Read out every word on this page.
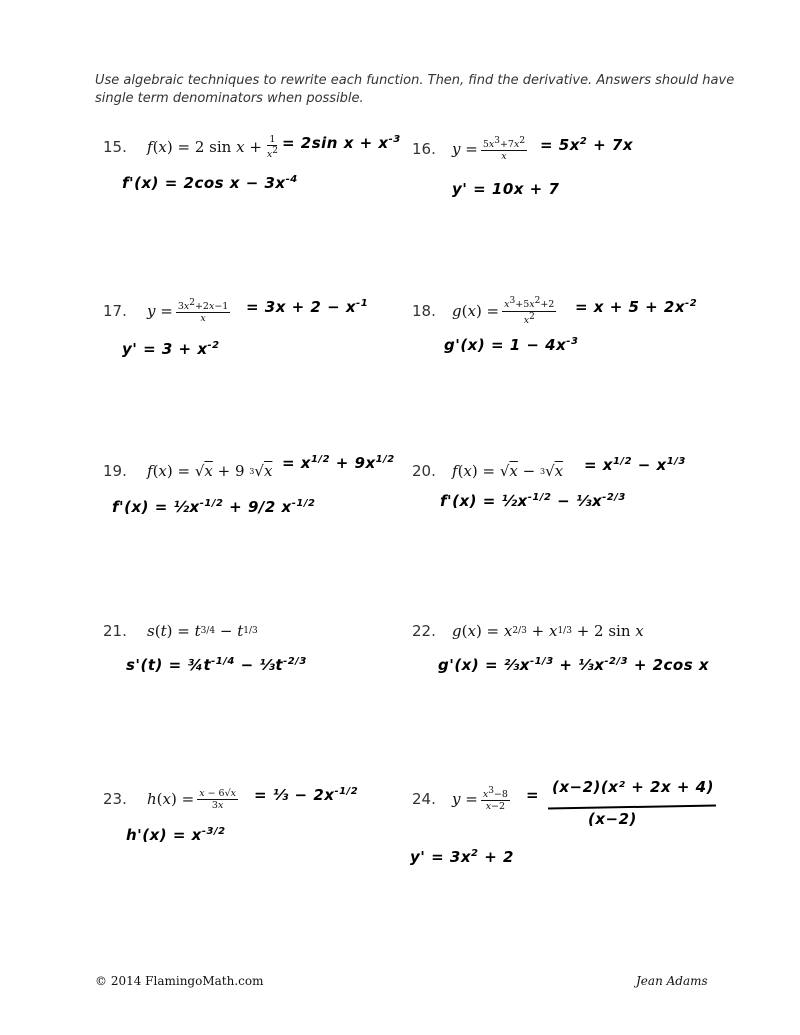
Use algebraic techniques to rewrite each function. Then, find the derivative. Answers should have single term denominators when possible.
15. f ( x ) = 2 $\sin x + \frac{1}{x^2} = 2\sin$ $x + x^{-3}$
f'(x) = 2cos $x - 3x^{-4}$
16. $y = \frac{5x^3+7x^2}{x} = 5x^2 + 7x$
y' = 10x + 7
17. $y = \frac{3x^2+2x-1}{x} = 3x + 2 - x^{-1}$
$y' = 3 + x^{-2}$
18. g ( x ) = $\frac{x^3+5x^2+2}{x^2} = x + 5 + 2x^{-2}$
$g'(x) = 1 - 4x^{-3}$
19. f ( x ) = √ x + 9 3 √ $x = x^{1/2} + 9x^{1/2}$
$f'(x) = \frac{1}{2}x^{-1/2} + 9/2$ $x^{-1/2}$
20. f ( x ) = √ x − 3 √ $x = x^{1/2} - x^{1/3}$
$f'(x) = \frac{1}{2}x^{-1/2}$ − $\frac{1}{3}x^{-2/3}$
21. s ( t ) = t 3/4 − t 1/3
$s'(t) = \frac{3}{4}t^{-1/4}$ − $\frac{1}{3}t^{-2/3}$
22. g ( x ) = x 2/3 + x 1/3 + 2 sin x
$g'(x) = \frac{2}{3}x^{-1/3}$ + $\frac{1}{3}x^{-2/3} + 2\cos$ x
23. h ( x ) = $\frac{x - 6√x}{3x}$ = ⅓ − $2x^{-1/2}$
$h'(x) = x^{-3/2}$
24. $y = \frac{x^3-8}{x-2} = (x-2)(x^2 + 2x + 4)$
(x−2)
$y' = 3x^2 + 2$
© 2014 FlamingoMath.com	Jean Adams
